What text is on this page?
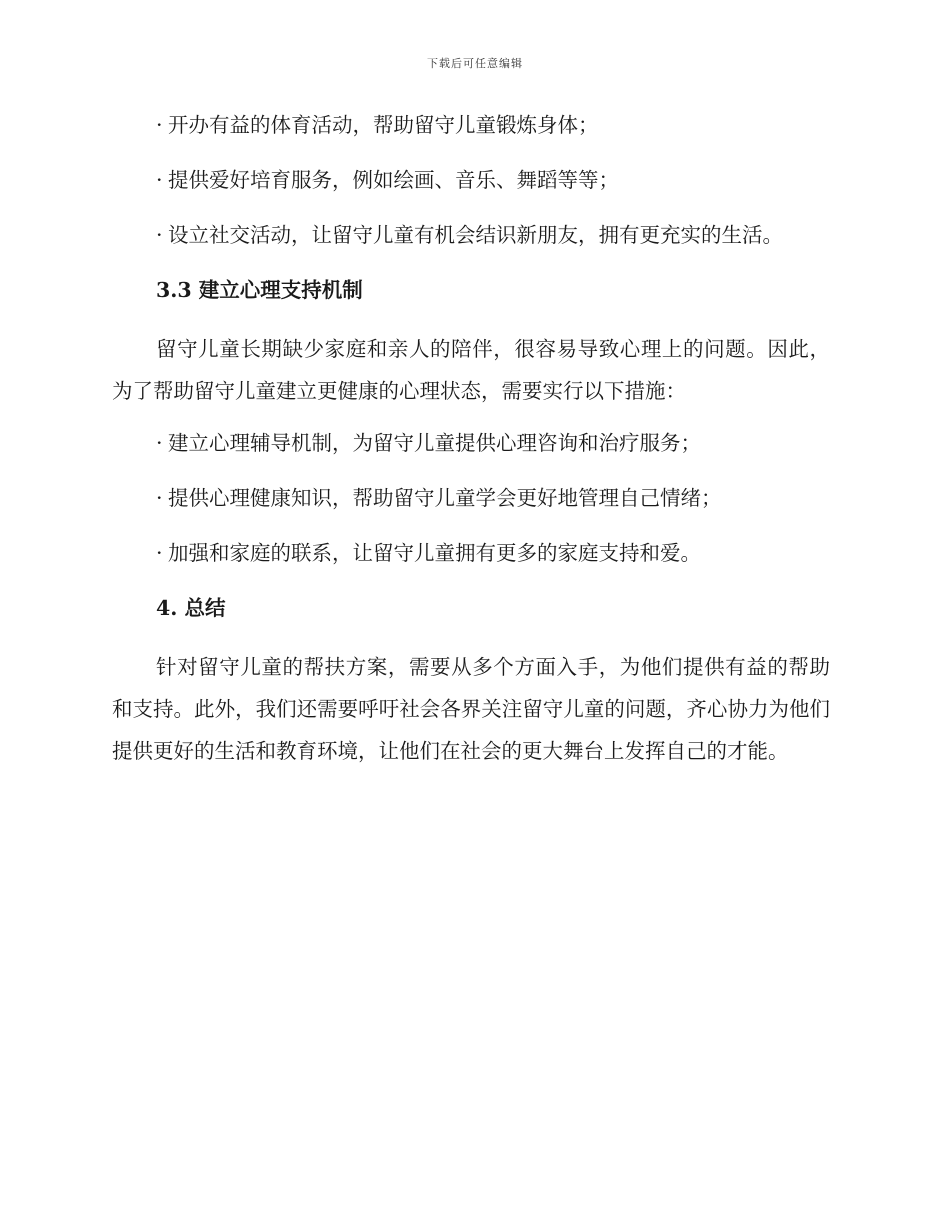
下载后可任意编辑

· 开办有益的体育活动，帮助留守儿童锻炼身体；

· 提供爱好培育服务，例如绘画、音乐、舞蹈等等；

· 设立社交活动，让留守儿童有机会结识新朋友，拥有更充实的生活。

3.3 建立心理支持机制

留守儿童长期缺少家庭和亲人的陪伴，很容易导致心理上的问题。因此，为了帮助留守儿童建立更健康的心理状态，需要实行以下措施：

· 建立心理辅导机制，为留守儿童提供心理咨询和治疗服务；

· 提供心理健康知识，帮助留守儿童学会更好地管理自己情绪；

· 加强和家庭的联系，让留守儿童拥有更多的家庭支持和爱。

4. 总结

针对留守儿童的帮扶方案，需要从多个方面入手，为他们提供有益的帮助和支持。此外，我们还需要呼吁社会各界关注留守儿童的问题，齐心协力为他们提供更好的生活和教育环境，让他们在社会的更大舞台上发挥自己的才能。
